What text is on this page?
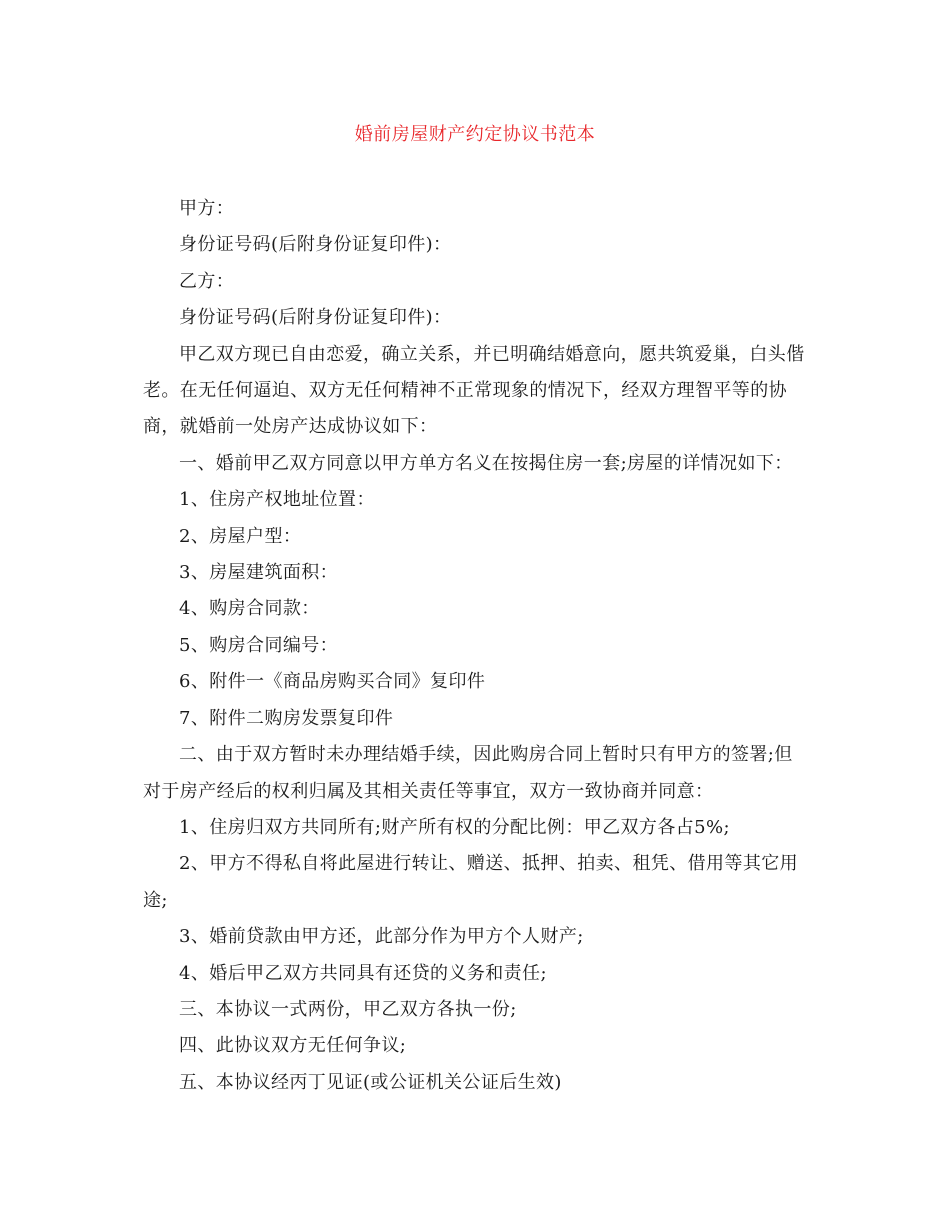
婚前房屋财产约定协议书范本

甲方：

身份证号码(后附身份证复印件)：

乙方：

身份证号码(后附身份证复印件)：

甲乙双方现已自由恋爱，确立关系，并已明确结婚意向，愿共筑爱巢，白头偕老。在无任何逼迫、双方无任何精神不正常现象的情况下，经双方理智平等的协商，就婚前一处房产达成协议如下：

一、婚前甲乙双方同意以甲方单方名义在按揭住房一套;房屋的详情况如下：

1、住房产权地址位置：

2、房屋户型：

3、房屋建筑面积：

4、购房合同款：

5、购房合同编号：

6、附件一《商品房购买合同》复印件

7、附件二购房发票复印件

二、由于双方暂时未办理结婚手续，因此购房合同上暂时只有甲方的签署;但对于房产经后的权利归属及其相关责任等事宜，双方一致协商并同意：

1、住房归双方共同所有;财产所有权的分配比例：甲乙双方各占5%;

2、甲方不得私自将此屋进行转让、赠送、抵押、拍卖、租凭、借用等其它用途;

3、婚前贷款由甲方还，此部分作为甲方个人财产;

4、婚后甲乙双方共同具有还贷的义务和责任;

三、本协议一式两份，甲乙双方各执一份;

四、此协议双方无任何争议;

五、本协议经丙丁见证(或公证机关公证后生效)
